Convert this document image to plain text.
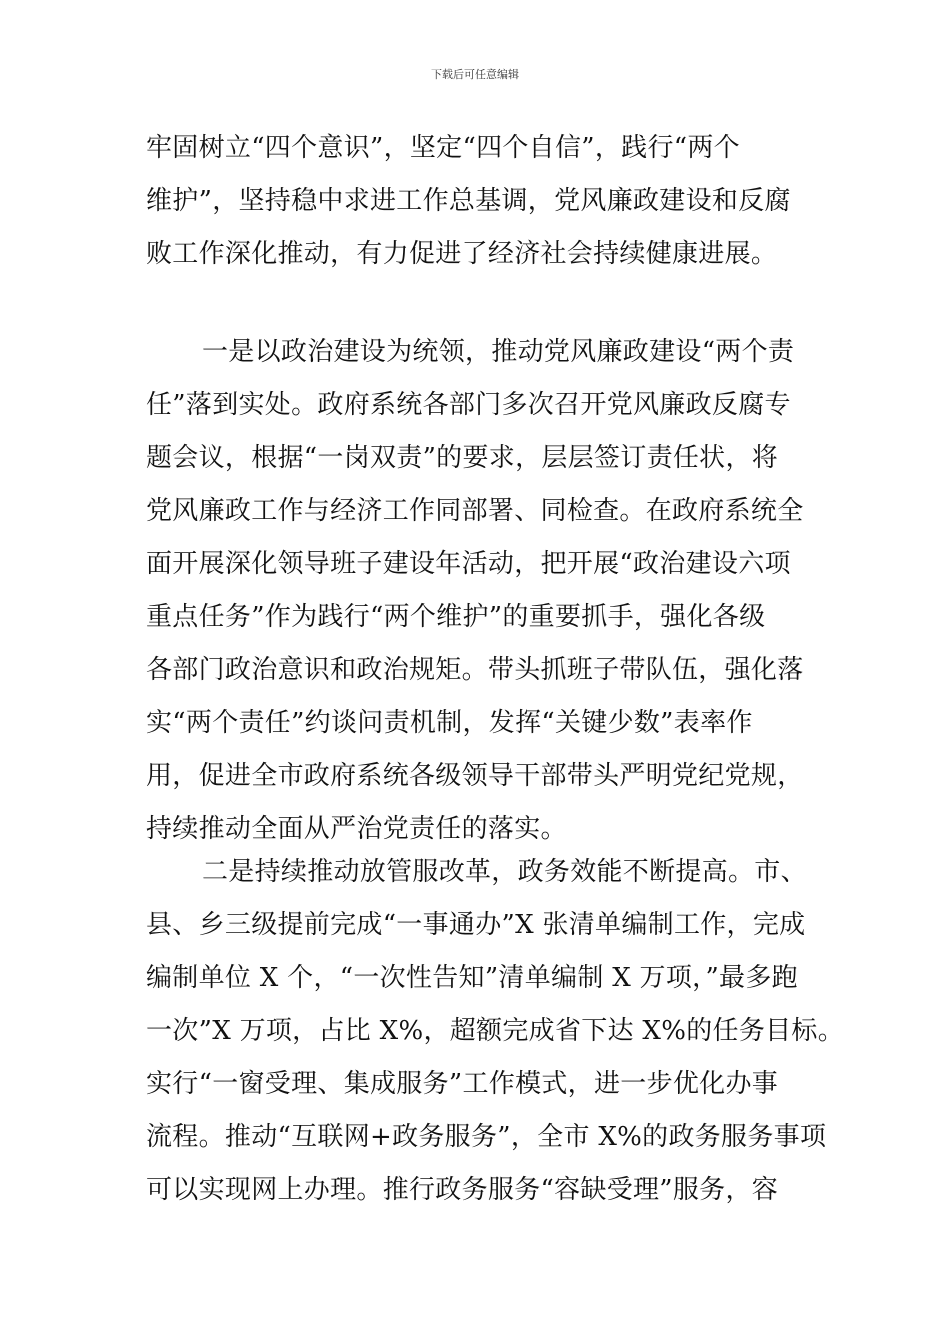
下载后可任意编辑
牢固树立“四个意识”，坚定“四个自信”，践行“两个
维护”，坚持稳中求进工作总基调，党风廉政建设和反腐
败工作深化推动，有力促进了经济社会持续健康进展。
一是以政治建设为统领，推动党风廉政建设“两个责
任”落到实处。政府系统各部门多次召开党风廉政反腐专
题会议，根据“一岗双责”的要求，层层签订责任状，将
党风廉政工作与经济工作同部署、同检查。在政府系统全
面开展深化领导班子建设年活动，把开展“政治建设六项
重点任务”作为践行“两个维护”的重要抓手，强化各级
各部门政治意识和政治规矩。带头抓班子带队伍，强化落
实“两个责任”约谈问责机制，发挥“关键少数”表率作
用，促进全市政府系统各级领导干部带头严明党纪党规，
持续推动全面从严治党责任的落实。
二是持续推动放管服改革，政务效能不断提高。市、
县、乡三级提前完成“一事通办”X 张清单编制工作，完成
编制单位 X 个，“一次性告知”清单编制 X 万项，”最多跑
一次”X 万项，占比 X%，超额完成省下达 X%的任务目标。
实行“一窗受理、集成服务”工作模式，进一步优化办事
流程。推动“互联网+政务服务”，全市 X%的政务服务事项
可以实现网上办理。推行政务服务“容缺受理”服务，容
